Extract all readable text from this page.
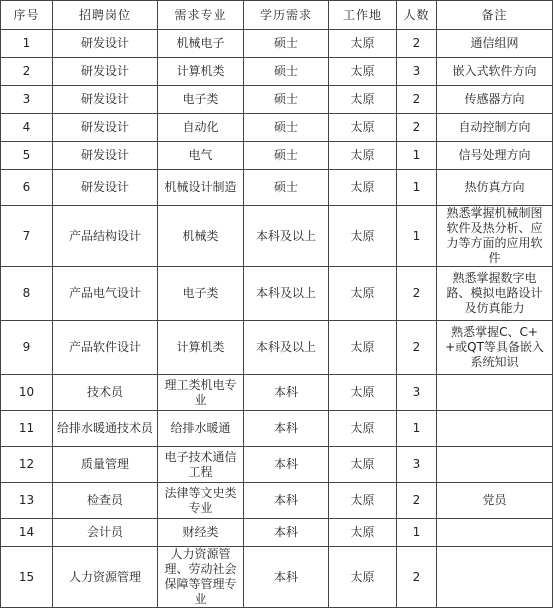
序号	招聘岗位	需求专业	学历需求	工作地	人数	备注
1	研发设计	机械电子	硕士	太原	2	通信组网
2	研发设计	计算机类	硕士	太原	3	嵌入式软件方向
3	研发设计	电子类	硕士	太原	2	传感器方向
4	研发设计	自动化	硕士	太原	2	自动控制方向
5	研发设计	电气	硕士	太原	1	信号处理方向
6	研发设计	机械设计制造	硕士	太原	1	热仿真方向
7	产品结构设计	机械类	本科及以上	太原	1	熟悉掌握机械制图软件及热分析、应力等方面的应用软件
8	产品电气设计	电子类	本科及以上	太原	2	熟悉掌握数字电路、模拟电路设计及仿真能力
9	产品软件设计	计算机类	本科及以上	太原	2	熟悉掌握C、C++或QT等具备嵌入系统知识
10	技术员	理工类机电专业	本科	太原	3	
11	给排水暖通技术员	给排水暖通	本科	太原	1	
12	质量管理	电子技术通信工程	本科	太原	3	
13	检查员	法律等文史类专业	本科	太原	2	党员
14	会计员	财经类	本科	太原	1	
15	人力资源管理	人力资源管理、劳动社会保障等管理专业	本科	太原	2	
